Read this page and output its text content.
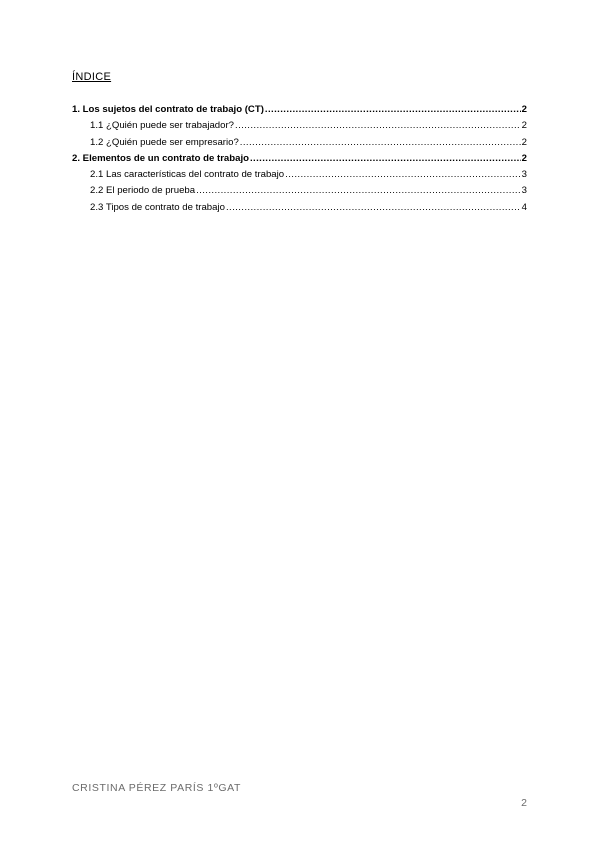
ÍNDICE
1. Los sujetos del contrato de trabajo (CT) .....	2
1.1 ¿Quién puede ser trabajador? .....	2
1.2 ¿Quién puede ser empresario? .....	2
2. Elementos de un contrato de trabajo .....	2
2.1 Las características del contrato de trabajo .....	3
2.2 El periodo de prueba .....	3
2.3 Tipos de contrato de trabajo .....	4

CRISTINA PÉREZ PARÍS 1ºGAT

2
